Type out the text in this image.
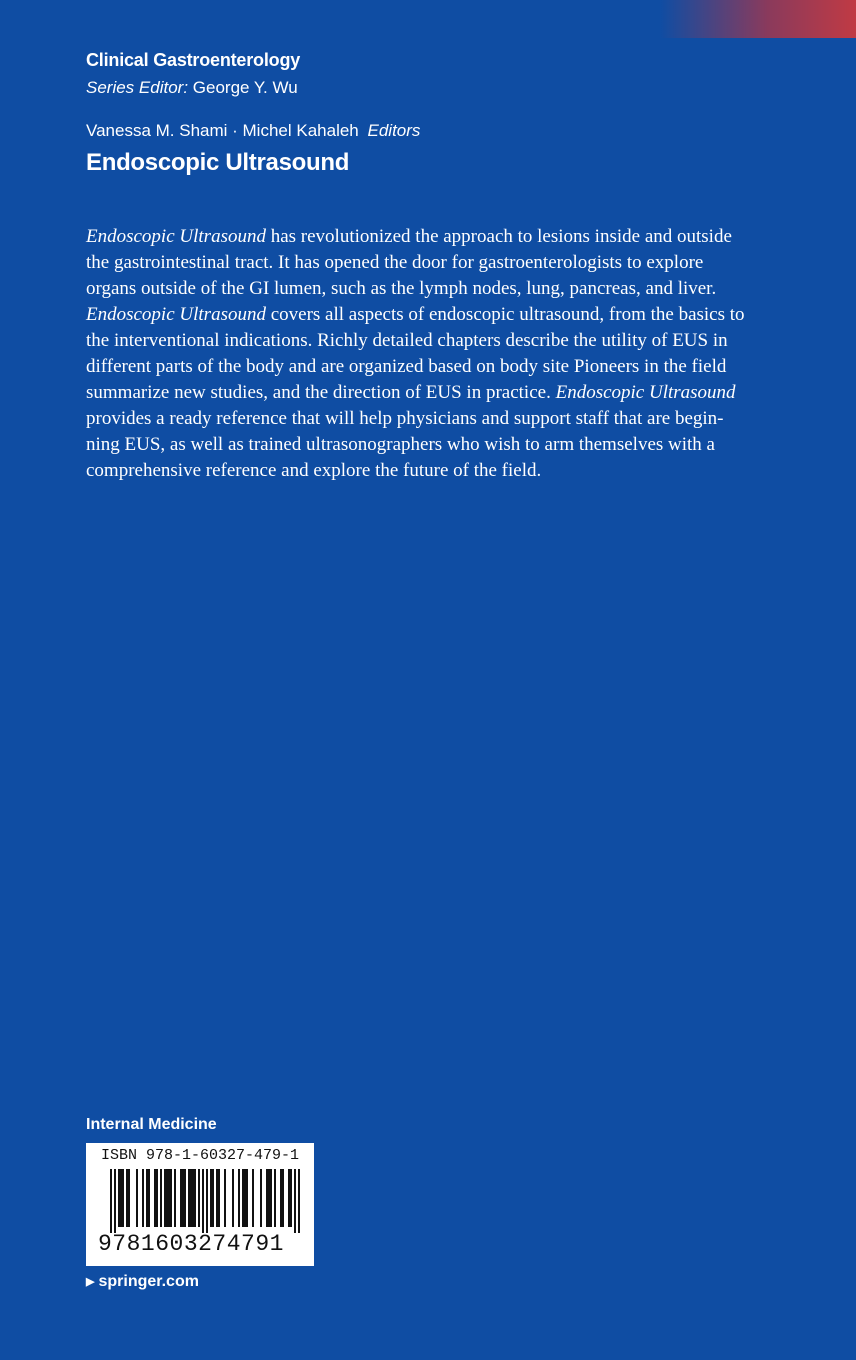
Clinical Gastroenterology
Series Editor: George Y. Wu
Vanessa M. Shami · Michel Kahaleh Editors
Endoscopic Ultrasound

Endoscopic Ultrasound has revolutionized the approach to lesions inside and outside
the gastrointestinal tract. It has opened the door for gastroenterologists to explore
organs outside of the GI lumen, such as the lymph nodes, lung, pancreas, and liver.
Endoscopic Ultrasound covers all aspects of endoscopic ultrasound, from the basics to
the interventional indications. Richly detailed chapters describe the utility of EUS in
different parts of the body and are organized based on body site Pioneers in the field
summarize new studies, and the direction of EUS in practice. Endoscopic Ultrasound
provides a ready reference that will help physicians and support staff that are begin-
ning EUS, as well as trained ultrasonographers who wish to arm themselves with a
comprehensive reference and explore the future of the field.

Internal Medicine
ISBN 978-1-60327-479-1
9781603274791
▶ springer.com
